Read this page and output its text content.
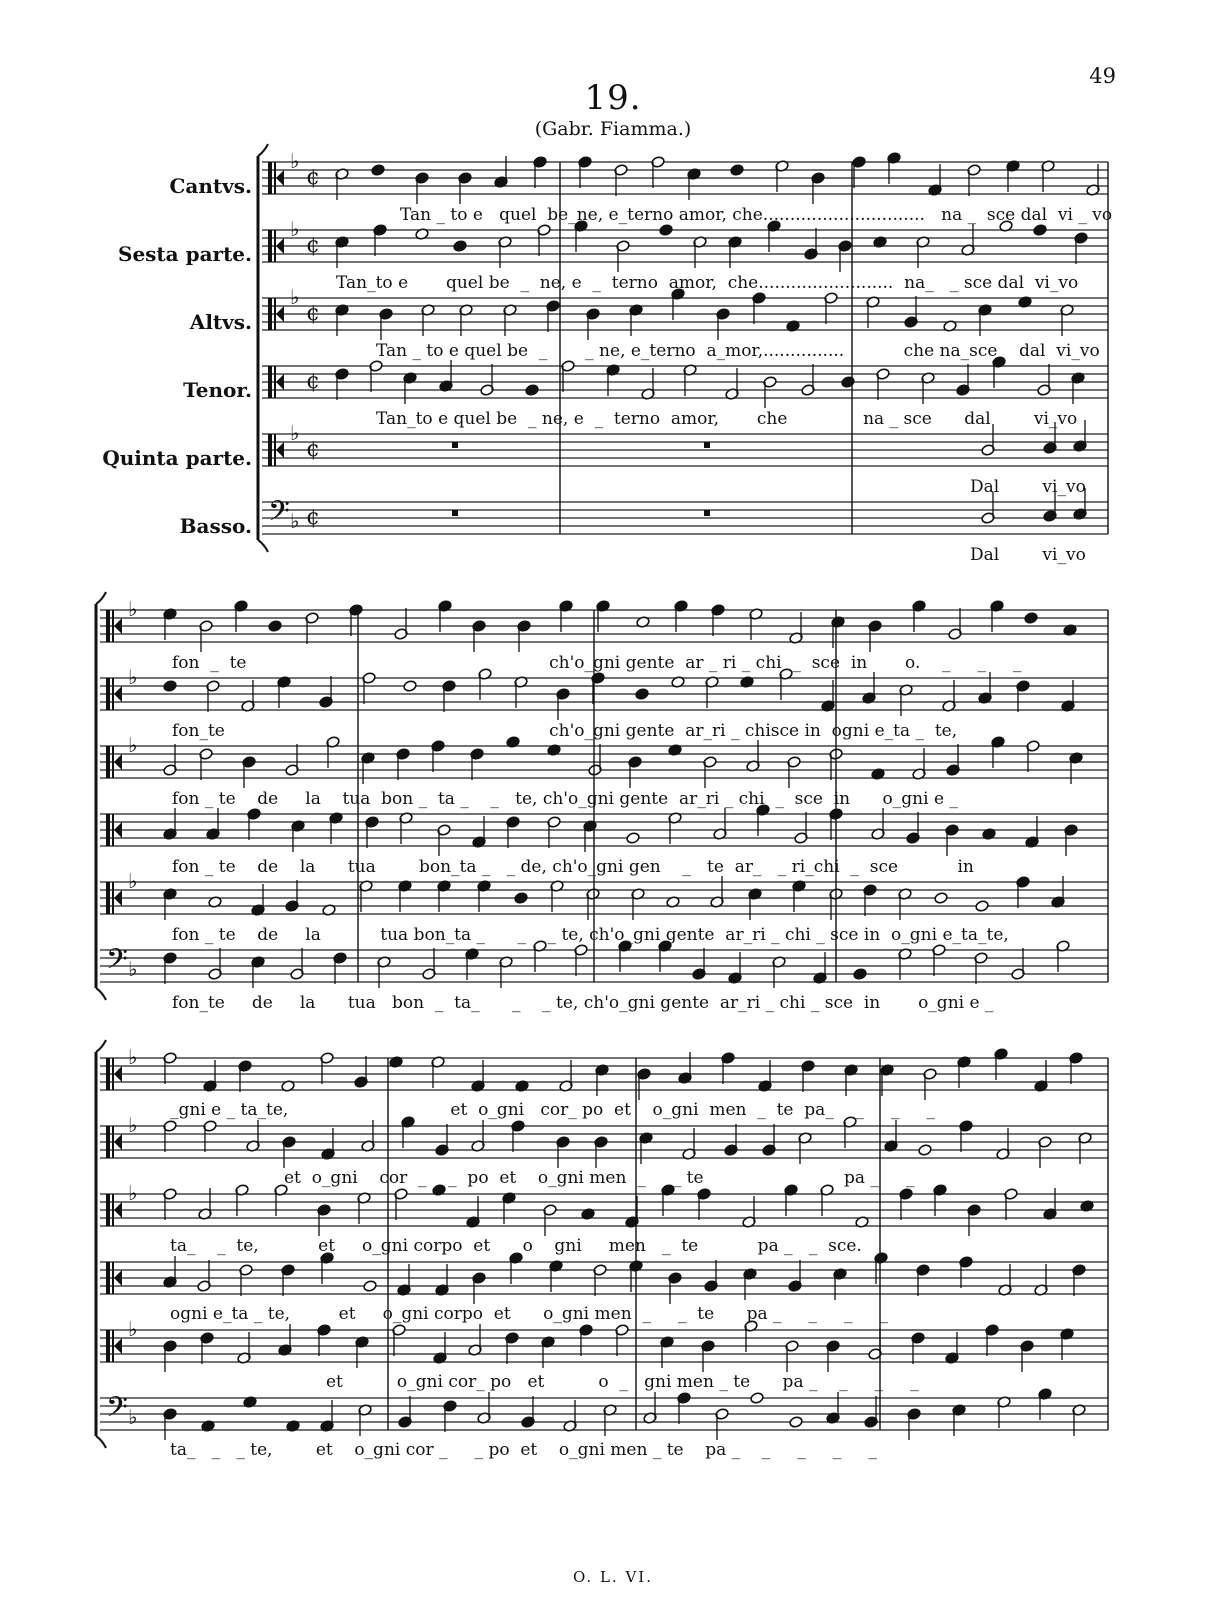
49
19.
(Gabr. Fiamma.)
Cantvs.
Sesta parte.
Altvs.
Tenor.
Quinta parte.
Basso.
♭
¢
♭
¢
♭
¢
¢
♭
¢
𝄢 ♭ ¢
♭
♭
♭
♭
𝄢 ♭
♭
♭
♭
♭
𝄢 ♭
Tan _ to e   quel  be_ne, e_terno amor, che..............................   na _  sce dal  vi _ vo
Tan_to e       quel be  _  ne, e  _  terno  amor,  che.........................  na_   _ sce dal  vi_vo
Tan _ to e quel be  _       _ ne, e_terno  a_mor,...............           che na_sce    dal  vi_vo
Tan_to e quel be  _ ne, e  _  terno  amor,       che              na _ sce      dal        vi_vo
Dal        vi_vo
Dal        vi_vo
fon  _  te                                                        ch'o_gni gente  ar _ ri _ chi  _  sce  in       o.    _     _     _
fon_te                                                            ch'o_gni gente  ar_ri _ chisce in  ogni e_ta _  te,
fon _ te    de     la    tua  bon _  ta _    _   te, ch'o_gni gente  ar_ri _ chi  _  sce  in      o_gni e _
fon _ te    de    la      tua        bon_ta _   _ de, ch'o_gni gen    _   te  ar_   _ ri_chi  _  sce           in
fon _ te    de     la           tua bon_ta _      _    _ te, ch'o_gni gente  ar_ri _ chi _ sce in  o_gni e_ta_te,
fon_te     de     la      tua   bon  _  ta_      _    _ te, ch'o_gni gente  ar_ri _ chi _ sce  in       o_gni e _
_gni e _ ta_te,                              et  o_gni   cor_ po  et    o_gni  men  _  te  pa_    _     _     _
et  o_gni    cor  _    _  po  et    o_gni men  _     _ te                          pa _     _
ta_    _  te,           et     o_gni corpo  et      o    gni     men   _  te           pa _   _  sce.
ogni e_ta _ te,         et     o_gni corpo  et      o_gni men  _     _  te      pa _     _     _     _
et          o_gni cor_ po   et          o  _   gni men _ te      pa _    _     _     _
ta_   _   _ te,        et    o_gni cor _     _ po  et    o_gni men _ te    pa _    _     _     _     _
O. L. VI.
